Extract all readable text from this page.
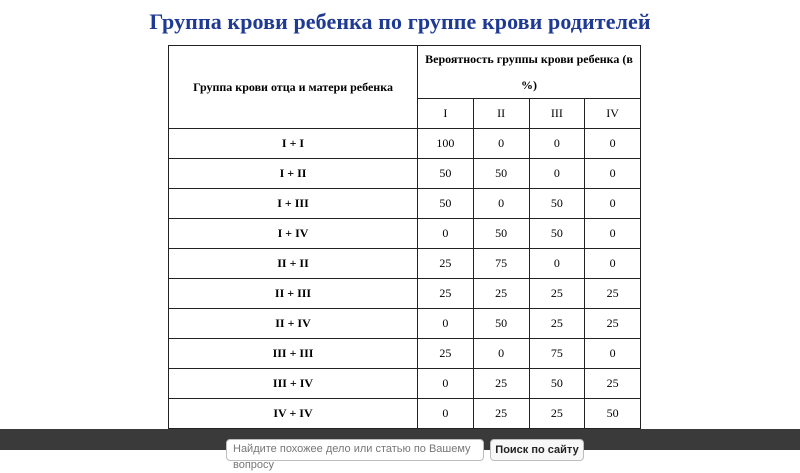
Группа крови ребенка по группе крови родителей
Группа крови отца и матери ребенка	Вероятность группы крови ребенка (в %)			
	I	II	III	IV
I + I	100	0	0	0
I + II	50	50	0	0
I + III	50	0	50	0
I + IV	0	50	50	0
II + II	25	75	0	0
II + III	25	25	25	25
II + IV	0	50	25	25
III + III	25	0	75	0
III + IV	0	25	50	25
IV + IV	0	25	25	50
Найдите похожее дело или статью по Вашему вопросу
Поиск по сайту
